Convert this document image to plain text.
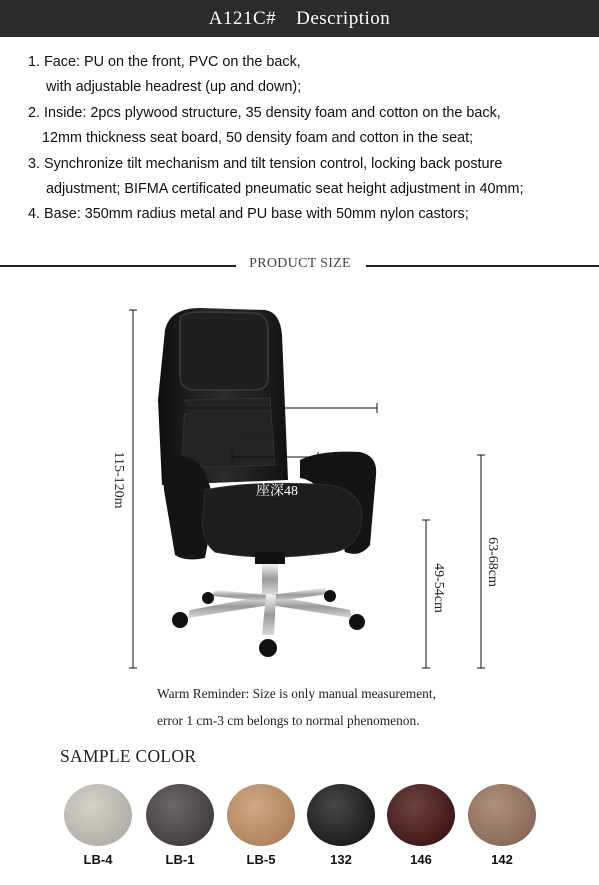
A121C# Description
1. Face: PU on the front, PVC on the back,
with adjustable headrest (up and down);
2. Inside: 2pcs plywood structure, 35 density foam and cotton on the back,
12mm thickness seat board, 50 density foam and cotton in the seat;
3. Synchronize tilt mechanism and tilt tension control, locking back posture
adjustment; BIFMA certificated pneumatic seat height adjustment in 40mm;
4. Base: 350mm radius metal and PU base with 50mm nylon castors;
PRODUCT SIZE
71cm
50cm
座深48
115-120m
49-54cm
63-68cm
Warm Reminder: Size is only manual measurement,
error 1 cm-3 cm belongs to normal phenomenon.
SAMPLE COLOR
LB-4	LB-1	LB-5	132	146	142
